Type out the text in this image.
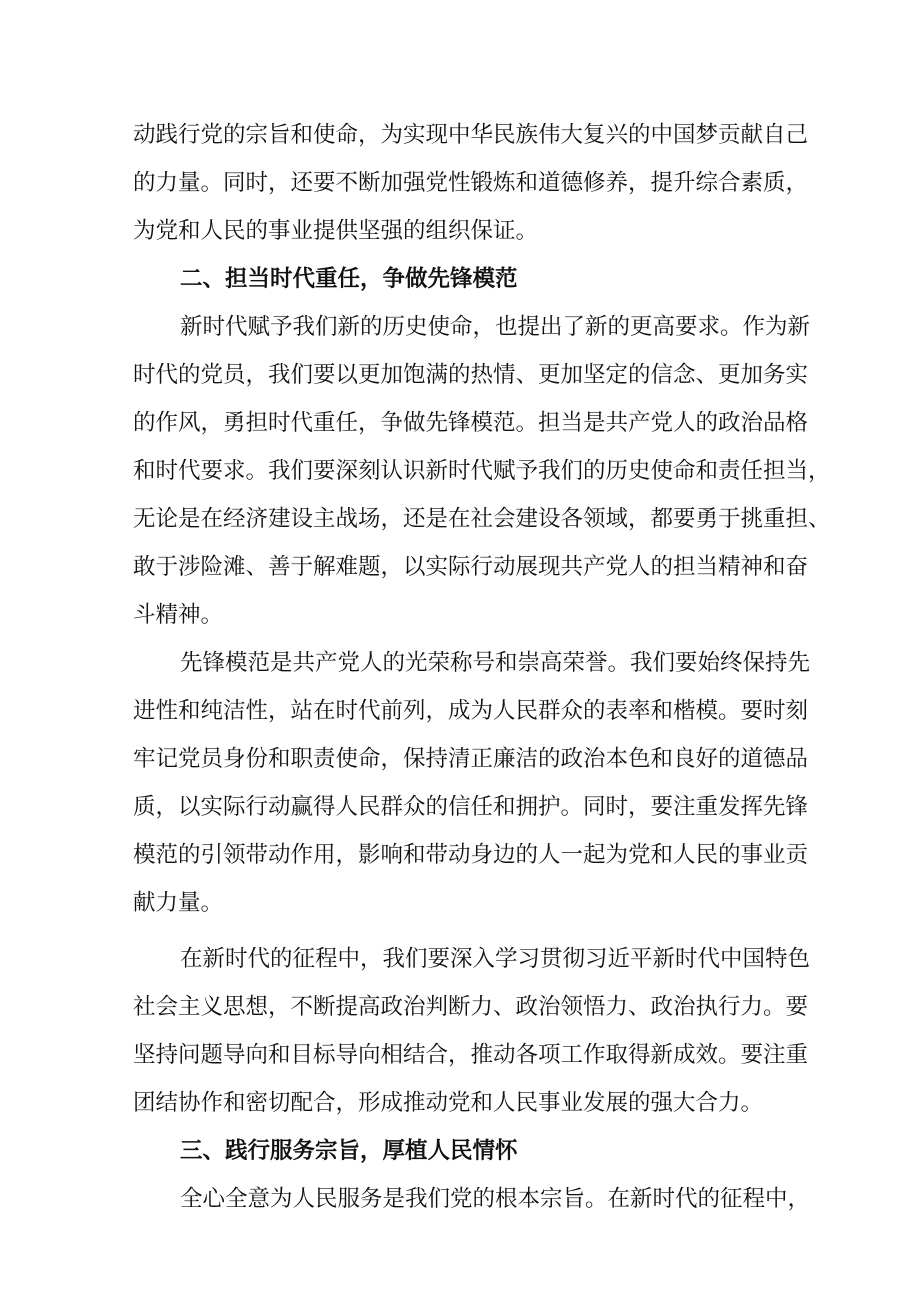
动践行党的宗旨和使命，为实现中华民族伟大复兴的中国梦贡献自己
的力量。同时，还要不断加强党性锻炼和道德修养，提升综合素质，
为党和人民的事业提供坚强的组织保证。
二、担当时代重任，争做先锋模范
新时代赋予我们新的历史使命，也提出了新的更高要求。作为新
时代的党员，我们要以更加饱满的热情、更加坚定的信念、更加务实
的作风，勇担时代重任，争做先锋模范。担当是共产党人的政治品格
和时代要求。我们要深刻认识新时代赋予我们的历史使命和责任担当，
无论是在经济建设主战场，还是在社会建设各领域，都要勇于挑重担、
敢于涉险滩、善于解难题，以实际行动展现共产党人的担当精神和奋
斗精神。
先锋模范是共产党人的光荣称号和崇高荣誉。我们要始终保持先
进性和纯洁性，站在时代前列，成为人民群众的表率和楷模。要时刻
牢记党员身份和职责使命，保持清正廉洁的政治本色和良好的道德品
质，以实际行动赢得人民群众的信任和拥护。同时，要注重发挥先锋
模范的引领带动作用，影响和带动身边的人一起为党和人民的事业贡
献力量。
在新时代的征程中，我们要深入学习贯彻习近平新时代中国特色
社会主义思想，不断提高政治判断力、政治领悟力、政治执行力。要
坚持问题导向和目标导向相结合，推动各项工作取得新成效。要注重
团结协作和密切配合，形成推动党和人民事业发展的强大合力。
三、践行服务宗旨，厚植人民情怀
全心全意为人民服务是我们党的根本宗旨。在新时代的征程中，
